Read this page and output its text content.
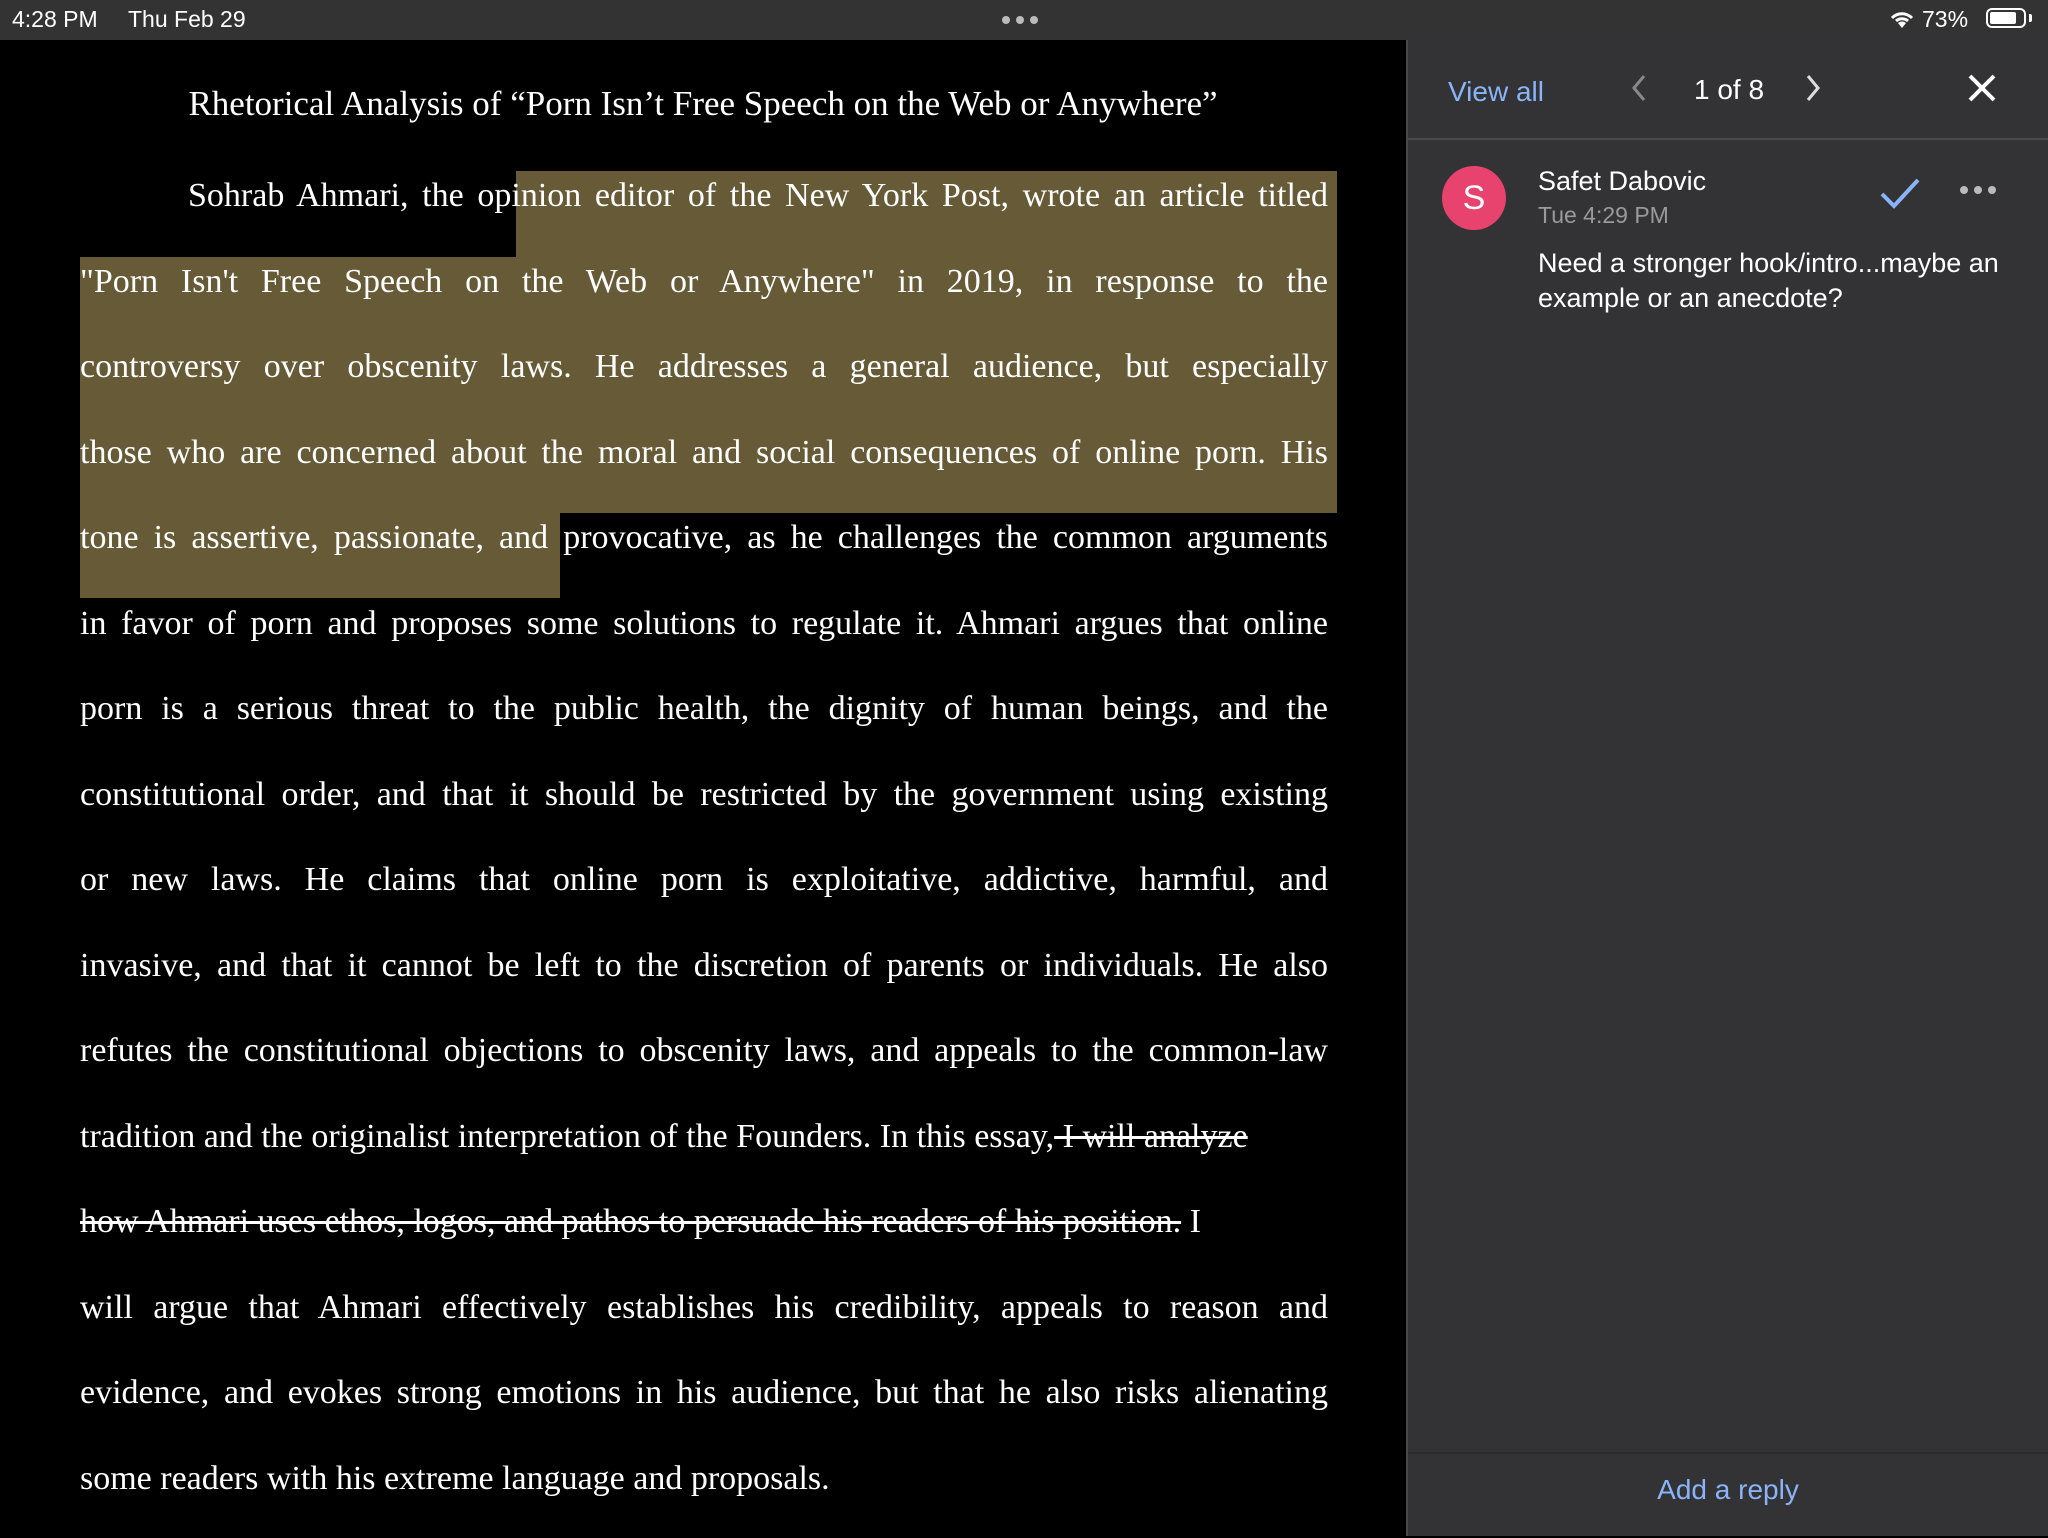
4:28 PM Thu Feb 29	73%
Rhetorical Analysis of “Porn Isn’t Free Speech on the Web or Anywhere”
Sohrab Ahmari, the opinion editor of the New York Post, wrote an article titled
"Porn Isn't Free Speech on the Web or Anywhere" in 2019, in response to the
controversy over obscenity laws. He addresses a general audience, but especially
those who are concerned about the moral and social consequences of online porn. His
tone is assertive, passionate, and provocative, as he challenges the common arguments
in favor of porn and proposes some solutions to regulate it. Ahmari argues that online
porn is a serious threat to the public health, the dignity of human beings, and the
constitutional order, and that it should be restricted by the government using existing
or new laws. He claims that online porn is exploitative, addictive, harmful, and
invasive, and that it cannot be left to the discretion of parents or individuals. He also
refutes the constitutional objections to obscenity laws, and appeals to the common-law
tradition and the originalist interpretation of the Founders. In this essay, I will analyze
how Ahmari uses ethos, logos, and pathos to persuade his readers of his position. I
will argue that Ahmari effectively establishes his credibility, appeals to reason and
evidence, and evokes strong emotions in his audience, but that he also risks alienating
some readers with his extreme language and proposals.
View all	1 of 8
S	Safet Dabovic
Tue 4:29 PM
Need a stronger hook/intro...maybe an example or an anecdote?
Add a reply
